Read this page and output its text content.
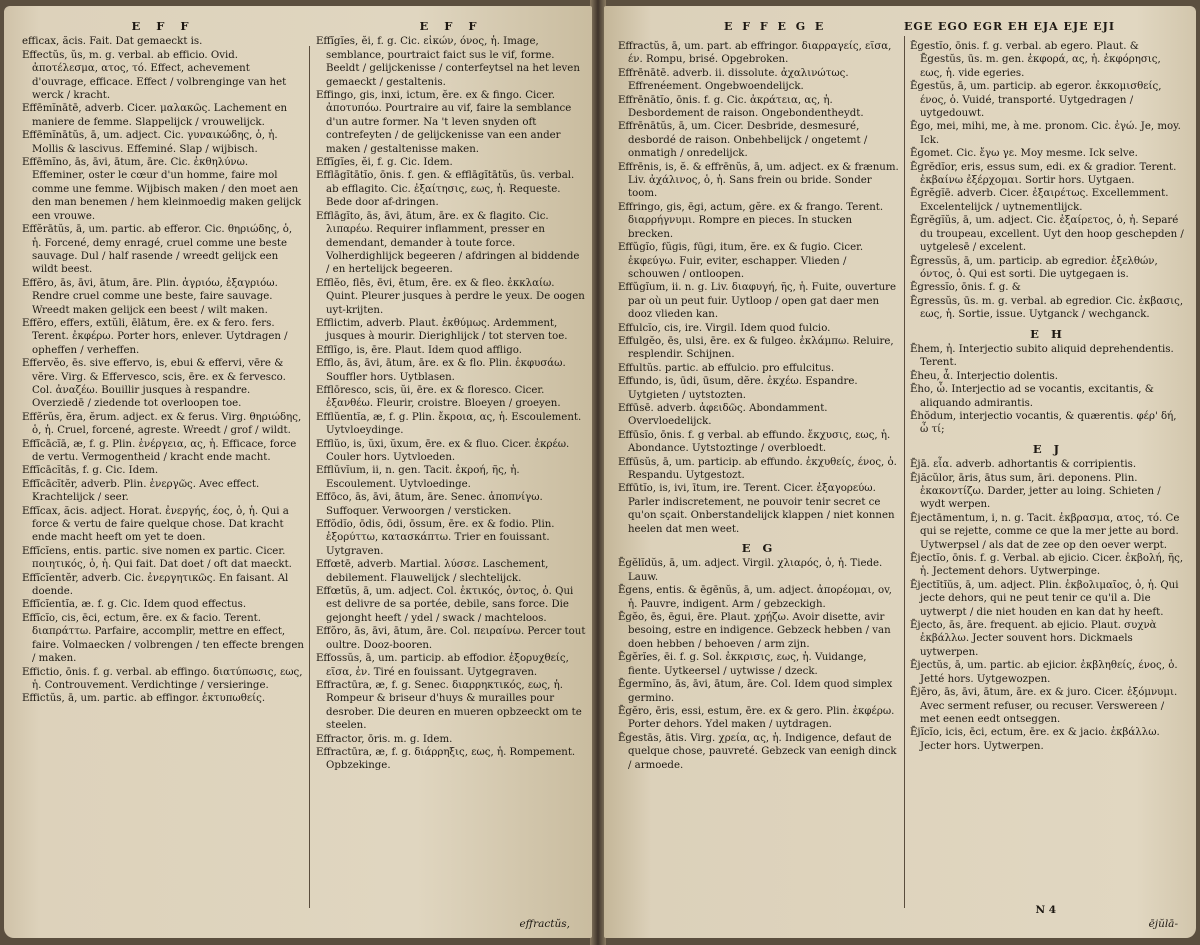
E F F

efficax, ăcis. Fait. Dat gemaeckt is.

Effectŭs, ŭs, m. g. verbal. ab efficio. Ovid. ἀποτέλεσμα, ατος, τό. Effect, achevement d'ouvrage, efficace. Effect / volbrenginge van het werck / kracht.

Effēmĭnātē, adverb. Cicer. μαλακῶς. Lachement en maniere de femme. Slappelijck / vrouwelijck.

Effēmĭnātŭs, ā, um. adject. Cic. γυναικώδης, ὁ, ἡ. Mollis & lascivus. Effeminé. Slap / wijbisch.

Effēmĭno, ās, āvi, ātum, āre. Cic. ἐκθηλύνω. Effeminer, oster le cœur d'un homme, faire mol comme une femme. Wijbisch maken / den moet aen den man benemen / hem kleinmoedig maken gelijck een vrouwe.

Effĕrātŭs, ā, um. partic. ab efferor. Cic. θηριώδης, ὁ, ἡ. Forcené, demy enragé, cruel comme une beste sauvage. Dul / half rasende / wreedt gelijck een wildt beest.

Effĕro, ās, āvi, ātum, āre. Plin. ἀγριόω, ἐξαγριόω. Rendre cruel comme une beste, faire sauvage. Wreedt maken gelijck een beest / wilt maken.

Effĕro, effers, extŭli, ēlātum, ēre. ex & fero. fers. Terent. ἐκφέρω. Porter hors, enlever. Uytdragen / opheffen / verheffen.

Effervĕo, ēs. sive effervo, is, ebui & effervi, vēre & vĕre. Virg. & Effervesco, scis, ēre. ex & fervesco. Col. ἀναζέω. Bouillir jusques à respandre. Overziedē / ziedende tot overloopen toe.

Effĕrŭs, ĕra, ĕrum. adject. ex & ferus. Virg. θηριώδης, ὁ, ἡ. Cruel, forcené, agreste. Wreedt / grof / wildt.

Effĭcācĭā, æ, f. g. Plin. ἐνέργεια, ας, ἡ. Efficace, force de vertu. Vermogentheid / kracht ende macht.

Effĭcācĭtās, f. g. Cic. Idem.

Effĭcācĭtĕr, adverb. Plin. ἐνεργῶς. Avec effect. Krachtelijck / seer.

Effĭcax, ăcis. adject. Horat. ἐνεργής, έος, ὁ, ἡ. Qui a force & vertu de faire quelque chose. Dat kracht ende macht heeft om yet te doen.

Effĭcĭens, entis. partic. sive nomen ex partic. Cicer. ποιητικός, ὁ, ἡ. Qui fait. Dat doet / oft dat maeckt.

Effĭcĭentĕr, adverb. Cic. ἐνεργητικῶς. En faisant. Al doende.

Effĭcĭentĭa, æ. f. g. Cic. Idem quod effectus.

Effĭcĭo, cis, ēci, ectum, ēre. ex & facio. Terent. διαπράττω. Parfaire, accomplir, mettre en effect, faire. Volmaecken / volbrengen / ten effecte brengen / maken.

Effictio, ōnis. f. g. verbal. ab effingo. διατύπωσις, εως, ἡ. Controuvement. Verdichtinge / versieringe.

Effictŭs, ā, um. partic. ab effingor. ἐκτυπωθείς.

E F F

Effĭgĭes, ĕi, f. g. Cic. εἰκών, όνος, ἡ. Image, semblance, pourtraict faict sus le vif, forme. Beeldt / gelijckenisse / conterfeytsel na het leven gemaeckt / gestaltenis.

Effingo, gis, inxi, ictum, ĕre. ex & fingo. Cicer. ἀποτυπόω. Pourtraire au vif, faire la semblance d'un autre former. Na 't leven snyden oft contrefeyten / de gelijckenisse van een ander maken / gestaltenisse maken.

Effĭgĭes, ĕi, f. g. Cic. Idem.

Efflāgĭtātĭo, ōnis. f. gen. & efflāgĭtātŭs, ūs. verbal. ab efflagito. Cic. ἐξαίτησις, εως, ἡ. Requeste. Bede door af-dringen.

Efflāgĭto, ās, āvi, ātum, āre. ex & flagito. Cic. λιπαρέω. Requirer inflamment, presser en demendant, demander à toute force. Volherdighlijck begeeren / afdringen al biddende / en hertelijck begeeren.

Efflĕo, flēs, ēvi, ētum, ēre. ex & fleo. ἐκκλαίω. Quint. Pleurer jusques à perdre le yeux. De oogen uyt-krijten.

Efflictim, adverb. Plaut. ἐκθύμως. Ardemment, jusques à mourir. Dierighlijck / tot sterven toe.

Efflīgo, is, ēre. Plaut. Idem quod affligo.

Efflo, ās, āvi, ātum, āre. ex & flo. Plin. ἐκφυσάω. Souffler hors. Uytblasen.

Efflōresco, scis, ŭi, ēre. ex & floresco. Cicer. ἐξανθέω. Fleurir, croistre. Bloeyen / groeyen.

Efflŭentĭa, æ, f. g. Plin. ἔκροια, ας, ἡ. Escoulement. Uytvloeydinge.

Efflŭo, is, ŭxi, ŭxum, ēre. ex & fluo. Cicer. ἐκρέω. Couler hors. Uytvloeden.

Efflŭvĭum, ii, n. gen. Tacit. ἐκροή, ῆς, ἡ. Escoulement. Uytvloedinge.

Effōco, ās, āvi, ātum, āre. Senec. ἀποπνίγω. Suffoquer. Verwoorgen / versticken.

Effŏdĭo, ōdis, ōdi, ōssum, ēre. ex & fodio. Plin. ἐξορύττω, κατασκάπτω. Trier en fouissant. Uytgraven.

Effœtē, adverb. Martial. λύσσε. Laschement, debilement. Flauwelijck / slechtelijck.

Effœtŭs, ā, um. adject. Col. ἐκτικός, ὀντος, ὁ. Qui est delivre de sa portée, debile, sans force. Die gejonght heeft / ydel / swack / machteloos.

Effŏro, ās, āvi, ātum, āre. Col. πειραίνω. Percer tout oultre. Dooz-booren.

Effossŭs, ā, um. particip. ab effodior. ἐξορυχθείς, εῖσα, ἐν. Tiré en fouissant. Uytgegraven.

Effractūra, æ, f. g. Senec. διαρρηκτικός, εως, ἡ. Rompeur & briseur d'huys & murailles pour desrober. Die deuren en mueren opbzeeckt om te steelen.

Effractor, ōris. m. g. Idem.

Effractūra, æ, f. g. διάρρηξις, εως, ἡ. Rompement. Opbzekinge.

effractŭs,
E F F E G E	EGE EGO EGR EH EJA EJE EJI

Effractŭs, ā, um. part. ab effringor. διαρραγείς, εῖσα, έν. Rompu, brisé. Opgebroken.

Effrēnātē. adverb. ii. dissolute. ἀχαλινώτως. Effrenéement. Ongebwoendelijck.

Effrēnātĭo, ōnis. f. g. Cic. ἀκράτεια, ας, ἡ. Desbordement de raison. Ongebondentheydt.

Effrēnātŭs, ā, um. Cicer. Desbride, desmesuré, desbordé de raison. Onbehbelijck / ongetemt / onmatigh / onredelijck.

Effrēnis, is, ĕ. & effrēnŭs, ā, um. adject. ex & frænum. Liv. ἀχάλινος, ὁ, ἡ. Sans frein ou bride. Sonder toom.

Effringo, gis, ēgi, actum, gĕre. ex & frango. Terent. διαρρήγνυμι. Rompre en pieces. In stucken brecken.

Effŭgĭo, fŭgis, fūgi, itum, ĕre. ex & fugio. Cicer. ἐκφεύγω. Fuir, eviter, eschapper. Vlieden / schouwen / ontloopen.

Effŭgĭum, ii. n. g. Liv. διαφυγή, ῆς, ἡ. Fuite, ouverture par où un peut fuir. Uytloop / open gat daer men dooz vlieden kan.

Effulcĭo, cis, ire. Virgil. Idem quod fulcio.

Effulgĕo, ēs, ulsi, ēre. ex & fulgeo. ἐκλάμπω. Reluire, resplendir. Schijnen.

Effultŭs. partic. ab effulcio. pro effulcitus.

Effundo, is, ūdi, ūsum, dĕre. ἐκχέω. Espandre. Uytgieten / uytstozten.

Effūsē. adverb. ἀφειδῶς. Abondamment. Overvloedelijck.

Effūsĭo, ōnis. f. g verbal. ab effundo. ἔκχυσις, εως, ἡ. Abondance. Uytstoztinge / overbloedt.

Effūsŭs, ā, um. particip. ab effundo. ἐκχυθείς, ένος, ὁ. Respandu. Uytgestozt.

Effūtĭo, is, ivi, ītum, ire. Terent. Cicer. ἐξαγορεύω. Parler indiscretement, ne pouvoir tenir secret ce qu'on sçait. Onberstandelijck klappen / niet konnen heelen dat men weet.

E G

Ēgĕlĭdŭs, ā, um. adject. Virgil. χλιαρός, ὁ, ἡ. Tiede. Lauw.

Ēgens, entis. & ēgēnŭs, ā, um. adject. ἀπορέομαι, ov, ἡ. Pauvre, indigent. Arm / gebzeckigh.

Ēgĕo, ēs, ēgui, ēre. Plaut. χρῄζω. Avoir disette, avir besoing, estre en indigence. Gebzeck hebben / van doen hebben / behoeven / arm zijn.

Ēgĕrĭes, ēi. f. g. Sol. ἐκκρισις, εως, ἡ. Vuidange, fiente. Uytkeersel / uytwisse / dzeck.

Ēgermĭno, ās, āvi, ātum, āre. Col. Idem quod simplex germino.

Ēgĕro, ēris, essi, estum, ēre. ex & gero. Plin. ἐκφέρω. Porter dehors. Ydel maken / uytdragen.

Ēgestās, ātis. Virg. χρεία, ας, ἡ. Indigence, defaut de quelque chose, pauvreté. Gebzeck van eenigh dinck / armoede.

Ēgestĭo, ōnis. f. g. verbal. ab egero. Plaut. & Ēgestŭs, ūs. m. gen. ἐκφορά, ας, ἡ. ἐκφόρησις, εως, ἡ. vide egeries.

Ēgestŭs, ā, um. particip. ab egeror. ἐκκομισθείς, ένος, ὁ. Vuidé, transporté. Uytgedragen / uytgedouwt.

Ēgo, mei, mihi, me, à me. pronom. Cic. ἐγώ. Je, moy. Ick.

Ēgomet. Cic. ἔγω γε. Moy mesme. Ick selve.

Ēgrĕdĭor, eris, essus sum, edi. ex & gradior. Terent. ἐκβαίνω ἐξέρχομαι. Sortir hors. Uytgaen.

Ēgrĕgĭē. adverb. Cicer. ἐξαιρέτως. Excellemment. Excelentelijck / uytnementlijck.

Ēgrĕgĭŭs, ā, um. adject. Cic. ἐξαίρετος, ὁ, ἡ. Separé du troupeau, excellent. Uyt den hoop geschepden / uytgelesē / excelent.

Ēgressŭs, ā, um. particip. ab egredior. ἐξελθών, όντος, ὁ. Qui est sorti. Die uytgegaen is.

Ēgressĭo, ōnis. f. g. &

Ēgressŭs, ūs. m. g. verbal. ab egredior. Cic. ἐκβασις, εως, ἡ. Sortie, issue. Uytganck / wechganck.

E H

Ēhem, ἠ. Interjectio subito aliquid deprehendentis. Terent.

Ēheu, ἆ. Interjectio dolentis.

Ēho, ὦ. Interjectio ad se vocantis, excitantis, & aliquando admirantis.

Ēhŏdum, interjectio vocantis, & quærentis. φέρ' δή, ὦ τί;

E J

Ējā. εἶα. adverb. adhortantis & corripientis.

Ējăcŭlor, āris, ātus sum, āri. deponens. Plin. ἐκακοντίζω. Darder, jetter au loing. Schieten / wydt werpen.

Ējectāmentum, i, n. g. Tacit. ἐκβρασμα, ατος, τό. Ce qui se rejette, comme ce que la mer jette au bord. Uytwerpsel / als dat de zee op den oever werpt.

Ējectĭo, ōnis. f. g. Verbal. ab ejicio. Cicer. ἐκβολή, ῆς, ἡ. Jectement dehors. Uytwerpinge.

Ējectĭtĭŭs, ā, um. adject. Plin. ἐκβολιμαῖος, ὁ, ἡ. Qui jecte dehors, qui ne peut tenir ce qu'il a. Die uytwerpt / die niet houden en kan dat hy heeft.

Ējecto, ās, āre. frequent. ab ejicio. Plaut. συχνὰ ἐκβάλλω. Jecter souvent hors. Dickmaels uytwerpen.

Ējectŭs, ā, um. partic. ab ejicior. ἐκβληθείς, ένος, ὁ. Jetté hors. Uytgewozpen.

Ējĕro, ās, āvi, ātum, āre. ex & juro. Cicer. ἐξόμνυμι. Avec serment refuser, ou recuser. Verswereen / met eenen eedt ontseggen.

Ējĭcĭo, icis, ēci, ectum, ēre. ex & jacio. ἐκβάλλω. Jecter hors. Uytwerpen.

N 4
ējŭlā-
